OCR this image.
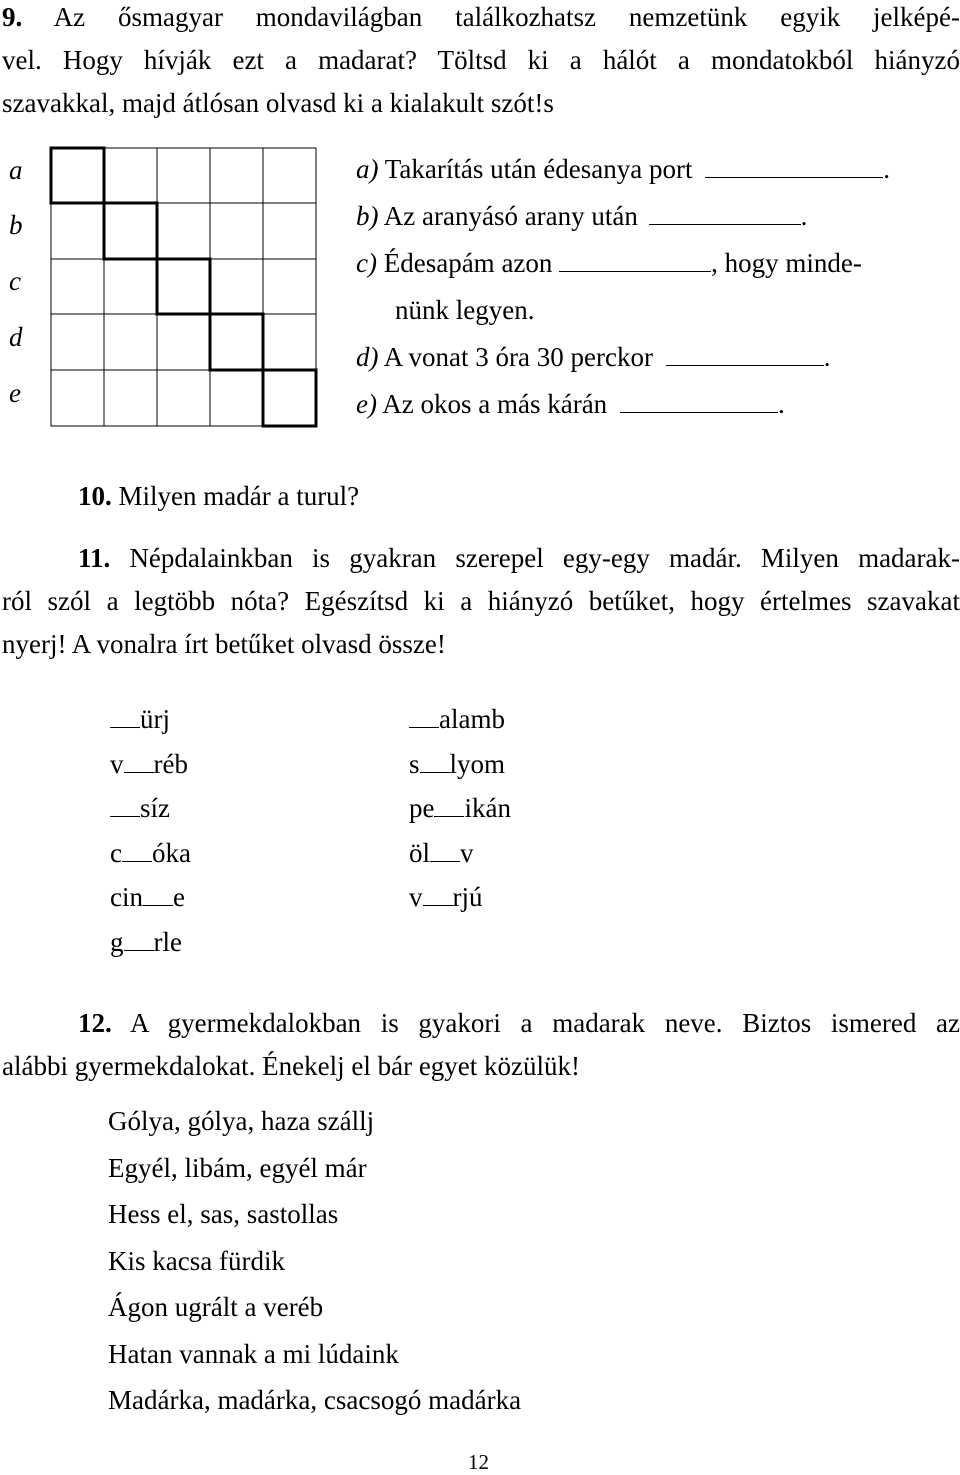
9. Az ősmagyar mondavilágban találkozhatsz nemzetünk egyik jelképé-
vel. Hogy hívják ezt a madarat? Töltsd ki a hálót a mondatokból hiányzó
szavakkal, majd átlósan olvasd ki a kialakult szót!s
a
b
c
d
e
a) Takarítás után édesanya port	.
b) Az aranyásó arany után	.
c) Édesapám azon	, hogy minde-
nünk legyen.
d) A vonat 3 óra 30 perckor	.
e) Az okos a más kárán	.
10. Milyen madár a turul?
11. Népdalainkban is gyakran szerepel egy-egy madár. Milyen madarak-
ról szól a legtöbb nóta? Egészítsd ki a hiányzó betűket, hogy értelmes szavakat
nyerj! A vonalra írt betűket olvasd össze!
ürj
v réb
síz
c óka
cin e
g rle
alamb
s lyom
pe ikán
öl v
v rjú
12. A gyermekdalokban is gyakori a madarak neve. Biztos ismered az
alábbi gyermekdalokat. Énekelj el bár egyet közülük!
Gólya, gólya, haza szállj
Egyél, libám, egyél már
Hess el, sas, sastollas
Kis kacsa fürdik
Ágon ugrált a veréb
Hatan vannak a mi lúdaink
Madárka, madárka, csacsogó madárka
12
